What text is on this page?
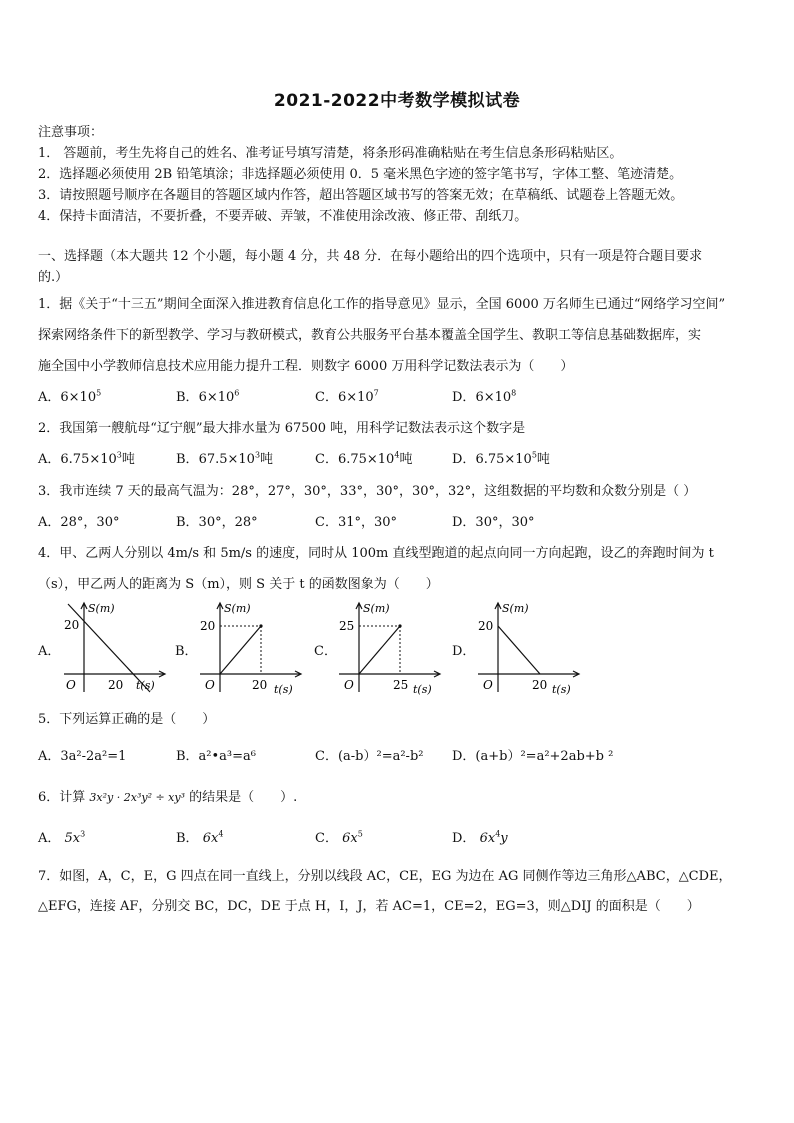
2021-2022中考数学模拟试卷
注意事项：
1． 答题前，考生先将自己的姓名、准考证号填写清楚，将条形码准确粘贴在考生信息条形码粘贴区。
2．选择题必须使用 2B 铅笔填涂；非选择题必须使用 0．5 毫米黑色字迹的签字笔书写，字体工整、笔迹清楚。
3．请按照题号顺序在各题目的答题区域内作答，超出答题区域书写的答案无效；在草稿纸、试题卷上答题无效。
4．保持卡面清洁，不要折叠，不要弄破、弄皱，不准使用涂改液、修正带、刮纸刀。
一、选择题（本大题共 12 个小题，每小题 4 分，共 48 分．在每小题给出的四个选项中，只有一项是符合题目要求
的.）
1．据《关于“十三五”期间全面深入推进教育信息化工作的指导意见》显示，全国 6000 万名师生已通过“网络学习空间”
探索网络条件下的新型教学、学习与教研模式，教育公共服务平台基本覆盖全国学生、教职工等信息基础数据库，实
施全国中小学教师信息技术应用能力提升工程．则数字 6000 万用科学记数法表示为（　　）
A．$6\times 10^5$	B．$6\times 10^6$	C．$6\times 10^7$	D．$6\times 10^8$
2．我国第一艘航母“辽宁舰”最大排水量为 67500 吨，用科学记数法表示这个数字是
A．$6.75\times 10^3$吨	B．$67.5\times 10^3$吨	C．$6.75\times 10^4$吨	D．$6.75\times 10^5$吨
3．我市连续 7 天的最高气温为：28°，27°，30°，33°，30°，30°，32°，这组数据的平均数和众数分别是（ ）
A．28°，30°	B．30°，28°	C．31°，30°	D．30°，30°
4．甲、乙两人分别以 4m/s 和 5m/s 的速度，同时从 100m 直线型跑道的起点向同一方向起跑，设乙的奔跑时间为 t
（s），甲乙两人的距离为 S（m），则 S 关于 t 的函数图象为（　　）
A．
S(m)
20
O	20 t(s)
B．
S(m)
20
O	20 t(s)
C．
S(m)
25
O	25 t(s)
D．
S(m)
20
O	20 t(s)
5．下列运算正确的是（　　）
A．3a²-2a²=1	B．a²•a³=a⁶	C．(a-b）²=a²-b² D．(a+b）²=a²+2ab+b ²
6．计算 3x²y · 2x³y² ÷ xy³ 的结果是（　　）.
A． $5x^3$	B． $6x^4$	C． $6x^5$	D． $6x^4y$
7．如图，A，C，E，G 四点在同一直线上，分别以线段 AC，CE，EG 为边在 AG 同侧作等边三角形△ABC，△CDE，
△EFG，连接 AF，分别交 BC，DC，DE 于点 H，I，J，若 AC=1，CE=2，EG=3，则△DIJ 的面积是（　　）
